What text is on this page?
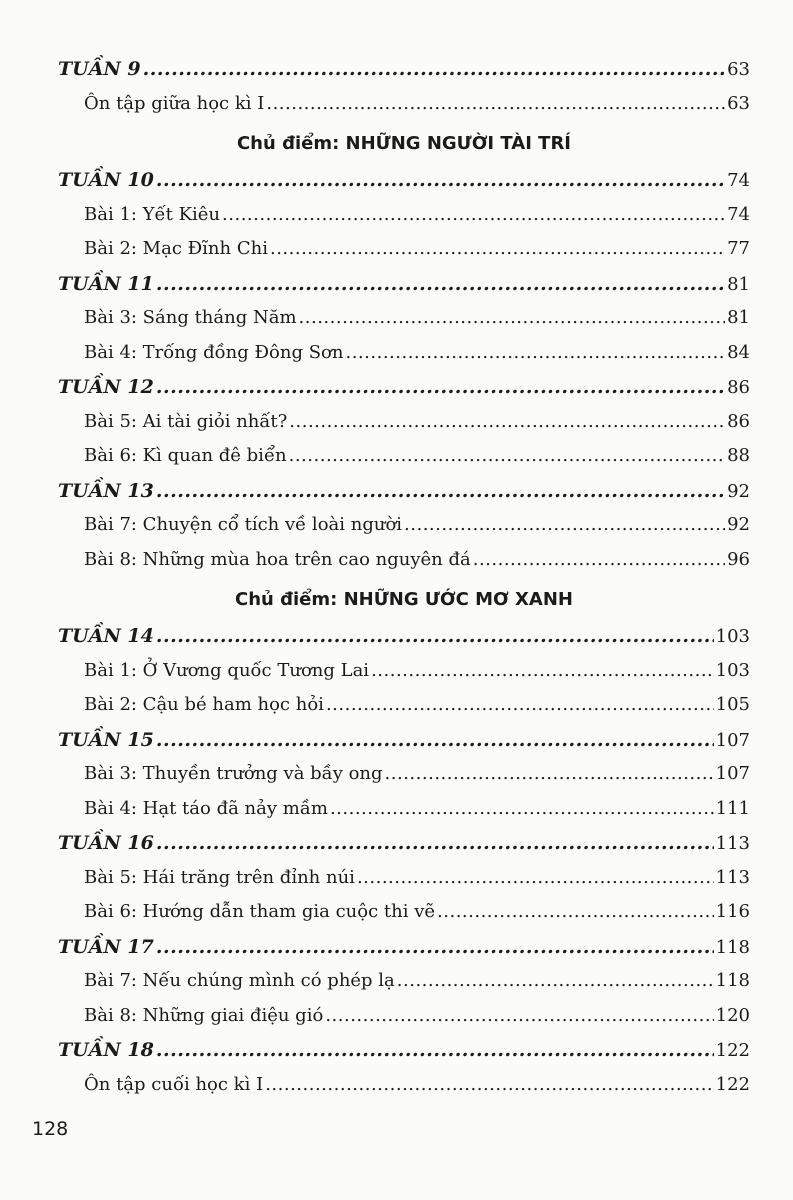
TUẦN 9 .....	63
Ôn tập giữa học kì I .....	63
Chủ điểm: NHỮNG NGƯỜI TÀI TRÍ
TUẦN 10 .....	74
Bài 1: Yết Kiêu .....	74
Bài 2: Mạc Đĩnh Chi .....	77
TUẦN 11 .....	81
Bài 3: Sáng tháng Năm .....	81
Bài 4: Trống đồng Đông Sơn .....	84
TUẦN 12 .....	86
Bài 5: Ai tài giỏi nhất? .....	86
Bài 6: Kì quan đê biển .....	88
TUẦN 13 .....	92
Bài 7: Chuyện cổ tích về loài người .....	92
Bài 8: Những mùa hoa trên cao nguyên đá .....	96
Chủ điểm: NHỮNG ƯỚC MƠ XANH
TUẦN 14 .....	103
Bài 1: Ở Vương quốc Tương Lai .....	103
Bài 2: Cậu bé ham học hỏi .....	105
TUẦN 15 .....	107
Bài 3: Thuyền trưởng và bầy ong .....	107
Bài 4: Hạt táo đã nảy mầm .....	111
TUẦN 16 .....	113
Bài 5: Hái trăng trên đỉnh núi .....	113
Bài 6: Hướng dẫn tham gia cuộc thi vẽ .....	116
TUẦN 17 .....	118
Bài 7: Nếu chúng mình có phép lạ .....	118
Bài 8: Những giai điệu gió .....	120
TUẦN 18 .....	122
Ôn tập cuối học kì I .....	122
128
